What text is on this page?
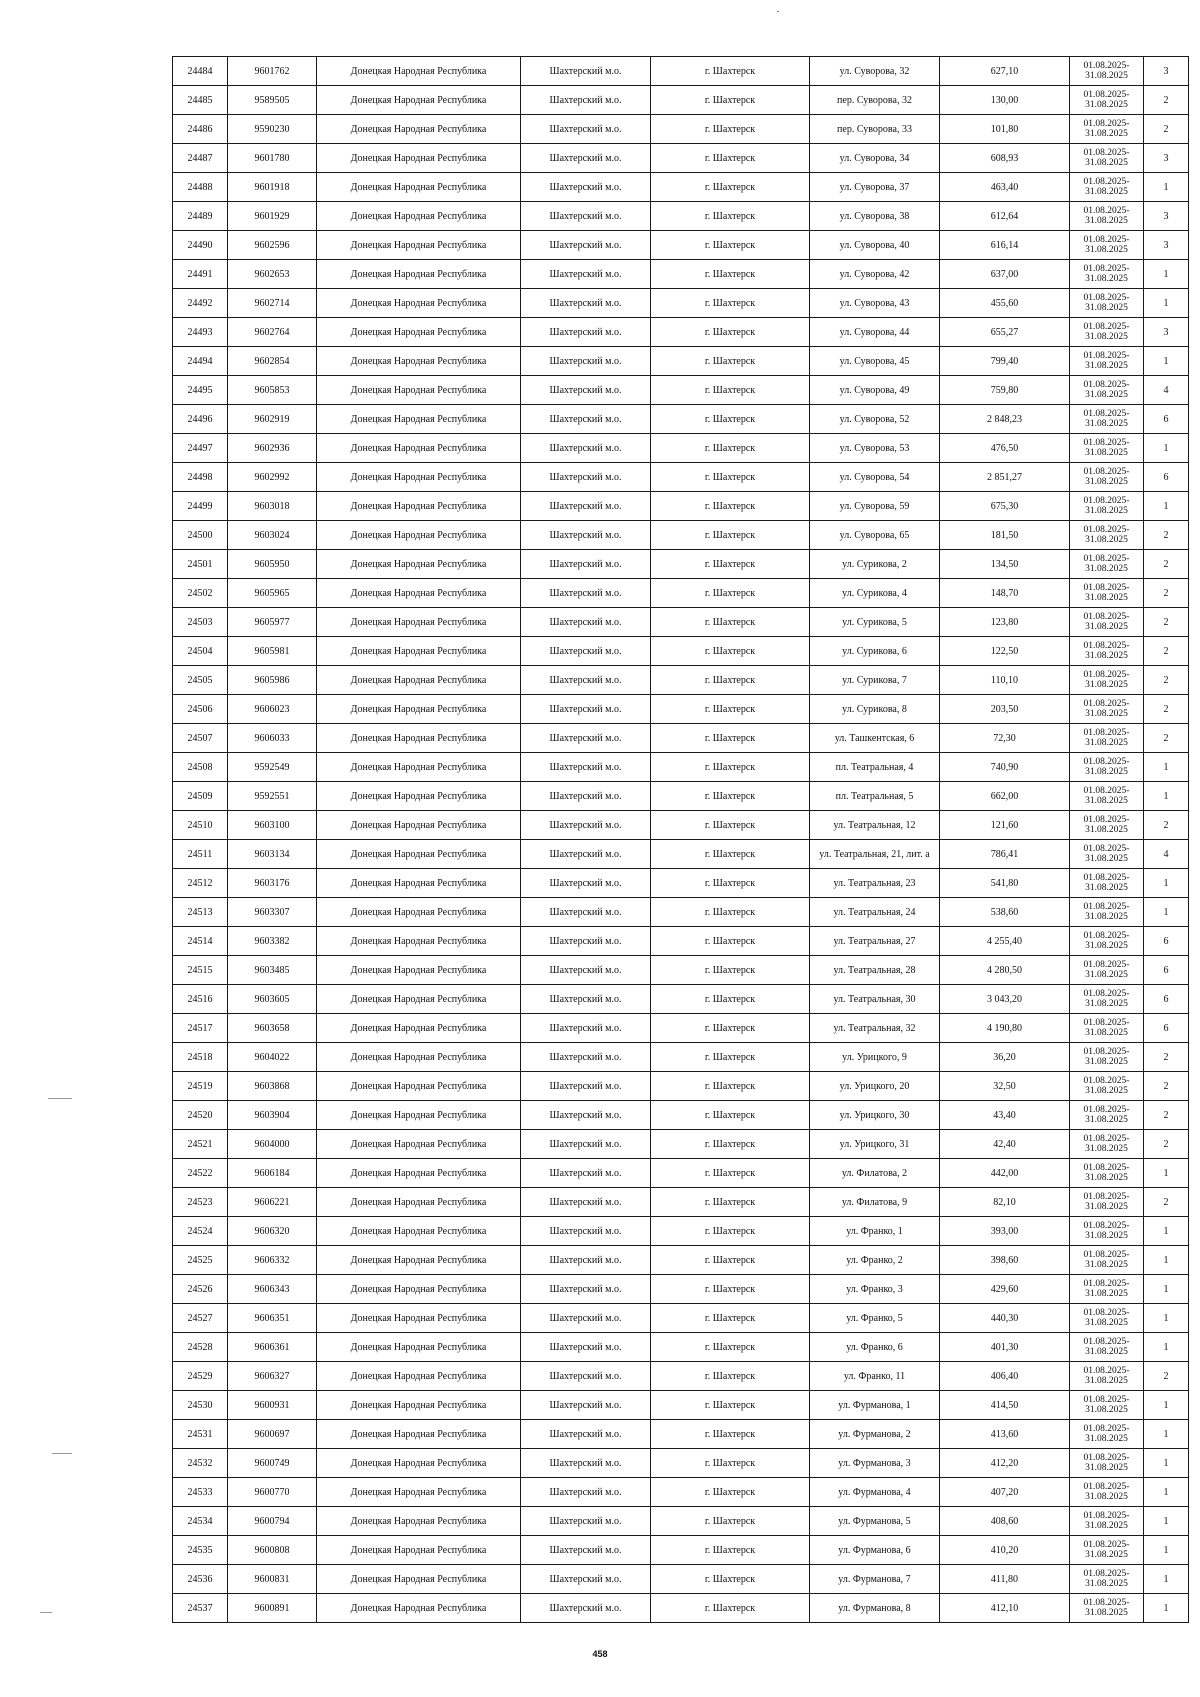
24484	9601762	Донецкая Народная Республика	Шахтерский м.о.	г. Шахтерск	ул. Суворова, 32	627,10	01.08.2025-31.08.2025	3
24485	9589505	Донецкая Народная Республика	Шахтерский м.о.	г. Шахтерск	пер. Суворова, 32	130,00	01.08.2025-31.08.2025	2
24486	9590230	Донецкая Народная Республика	Шахтерский м.о.	г. Шахтерск	пер. Суворова, 33	101,80	01.08.2025-31.08.2025	2
24487	9601780	Донецкая Народная Республика	Шахтерский м.о.	г. Шахтерск	ул. Суворова, 34	608,93	01.08.2025-31.08.2025	3
24488	9601918	Донецкая Народная Республика	Шахтерский м.о.	г. Шахтерск	ул. Суворова, 37	463,40	01.08.2025-31.08.2025	1
24489	9601929	Донецкая Народная Республика	Шахтерский м.о.	г. Шахтерск	ул. Суворова, 38	612,64	01.08.2025-31.08.2025	3
24490	9602596	Донецкая Народная Республика	Шахтерский м.о.	г. Шахтерск	ул. Суворова, 40	616,14	01.08.2025-31.08.2025	3
24491	9602653	Донецкая Народная Республика	Шахтерский м.о.	г. Шахтерск	ул. Суворова, 42	637,00	01.08.2025-31.08.2025	1
24492	9602714	Донецкая Народная Республика	Шахтерский м.о.	г. Шахтерск	ул. Суворова, 43	455,60	01.08.2025-31.08.2025	1
24493	9602764	Донецкая Народная Республика	Шахтерский м.о.	г. Шахтерск	ул. Суворова, 44	655,27	01.08.2025-31.08.2025	3
24494	9602854	Донецкая Народная Республика	Шахтерский м.о.	г. Шахтерск	ул. Суворова, 45	799,40	01.08.2025-31.08.2025	1
24495	9605853	Донецкая Народная Республика	Шахтерский м.о.	г. Шахтерск	ул. Суворова, 49	759,80	01.08.2025-31.08.2025	4
24496	9602919	Донецкая Народная Республика	Шахтерский м.о.	г. Шахтерск	ул. Суворова, 52	2 848,23	01.08.2025-31.08.2025	6
24497	9602936	Донецкая Народная Республика	Шахтерский м.о.	г. Шахтерск	ул. Суворова, 53	476,50	01.08.2025-31.08.2025	1
24498	9602992	Донецкая Народная Республика	Шахтерский м.о.	г. Шахтерск	ул. Суворова, 54	2 851,27	01.08.2025-31.08.2025	6
24499	9603018	Донецкая Народная Республика	Шахтерский м.о.	г. Шахтерск	ул. Суворова, 59	675,30	01.08.2025-31.08.2025	1
24500	9603024	Донецкая Народная Республика	Шахтерский м.о.	г. Шахтерск	ул. Суворова, 65	181,50	01.08.2025-31.08.2025	2
24501	9605950	Донецкая Народная Республика	Шахтерский м.о.	г. Шахтерск	ул. Сурикова, 2	134,50	01.08.2025-31.08.2025	2
24502	9605965	Донецкая Народная Республика	Шахтерский м.о.	г. Шахтерск	ул. Сурикова, 4	148,70	01.08.2025-31.08.2025	2
24503	9605977	Донецкая Народная Республика	Шахтерский м.о.	г. Шахтерск	ул. Сурикова, 5	123,80	01.08.2025-31.08.2025	2
24504	9605981	Донецкая Народная Республика	Шахтерский м.о.	г. Шахтерск	ул. Сурикова, 6	122,50	01.08.2025-31.08.2025	2
24505	9605986	Донецкая Народная Республика	Шахтерский м.о.	г. Шахтерск	ул. Сурикова, 7	110,10	01.08.2025-31.08.2025	2
24506	9606023	Донецкая Народная Республика	Шахтерский м.о.	г. Шахтерск	ул. Сурикова, 8	203,50	01.08.2025-31.08.2025	2
24507	9606033	Донецкая Народная Республика	Шахтерский м.о.	г. Шахтерск	ул. Ташкентская, 6	72,30	01.08.2025-31.08.2025	2
24508	9592549	Донецкая Народная Республика	Шахтерский м.о.	г. Шахтерск	пл. Театральная, 4	740,90	01.08.2025-31.08.2025	1
24509	9592551	Донецкая Народная Республика	Шахтерский м.о.	г. Шахтерск	пл. Театральная, 5	662,00	01.08.2025-31.08.2025	1
24510	9603100	Донецкая Народная Республика	Шахтерский м.о.	г. Шахтерск	ул. Театральная, 12	121,60	01.08.2025-31.08.2025	2
24511	9603134	Донецкая Народная Республика	Шахтерский м.о.	г. Шахтерск	ул. Театральная, 21, лит. а	786,41	01.08.2025-31.08.2025	4
24512	9603176	Донецкая Народная Республика	Шахтерский м.о.	г. Шахтерск	ул. Театральная, 23	541,80	01.08.2025-31.08.2025	1
24513	9603307	Донецкая Народная Республика	Шахтерский м.о.	г. Шахтерск	ул. Театральная, 24	538,60	01.08.2025-31.08.2025	1
24514	9603382	Донецкая Народная Республика	Шахтерский м.о.	г. Шахтерск	ул. Театральная, 27	4 255,40	01.08.2025-31.08.2025	6
24515	9603485	Донецкая Народная Республика	Шахтерский м.о.	г. Шахтерск	ул. Театральная, 28	4 280,50	01.08.2025-31.08.2025	6
24516	9603605	Донецкая Народная Республика	Шахтерский м.о.	г. Шахтерск	ул. Театральная, 30	3 043,20	01.08.2025-31.08.2025	6
24517	9603658	Донецкая Народная Республика	Шахтерский м.о.	г. Шахтерск	ул. Театральная, 32	4 190,80	01.08.2025-31.08.2025	6
24518	9604022	Донецкая Народная Республика	Шахтерский м.о.	г. Шахтерск	ул. Урицкого, 9	36,20	01.08.2025-31.08.2025	2
24519	9603868	Донецкая Народная Республика	Шахтерский м.о.	г. Шахтерск	ул. Урицкого, 20	32,50	01.08.2025-31.08.2025	2
24520	9603904	Донецкая Народная Республика	Шахтерский м.о.	г. Шахтерск	ул. Урицкого, 30	43,40	01.08.2025-31.08.2025	2
24521	9604000	Донецкая Народная Республика	Шахтерский м.о.	г. Шахтерск	ул. Урицкого, 31	42,40	01.08.2025-31.08.2025	2
24522	9606184	Донецкая Народная Республика	Шахтерский м.о.	г. Шахтерск	ул. Филатова, 2	442,00	01.08.2025-31.08.2025	1
24523	9606221	Донецкая Народная Республика	Шахтерский м.о.	г. Шахтерск	ул. Филатова, 9	82,10	01.08.2025-31.08.2025	2
24524	9606320	Донецкая Народная Республика	Шахтерский м.о.	г. Шахтерск	ул. Франко, 1	393,00	01.08.2025-31.08.2025	1
24525	9606332	Донецкая Народная Республика	Шахтерский м.о.	г. Шахтерск	ул. Франко, 2	398,60	01.08.2025-31.08.2025	1
24526	9606343	Донецкая Народная Республика	Шахтерский м.о.	г. Шахтерск	ул. Франко, 3	429,60	01.08.2025-31.08.2025	1
24527	9606351	Донецкая Народная Республика	Шахтерский м.о.	г. Шахтерск	ул. Франко, 5	440,30	01.08.2025-31.08.2025	1
24528	9606361	Донецкая Народная Республика	Шахтерский м.о.	г. Шахтерск	ул. Франко, 6	401,30	01.08.2025-31.08.2025	1
24529	9606327	Донецкая Народная Республика	Шахтерский м.о.	г. Шахтерск	ул. Франко, 11	406,40	01.08.2025-31.08.2025	2
24530	9600931	Донецкая Народная Республика	Шахтерский м.о.	г. Шахтерск	ул. Фурманова, 1	414,50	01.08.2025-31.08.2025	1
24531	9600697	Донецкая Народная Республика	Шахтерский м.о.	г. Шахтерск	ул. Фурманова, 2	413,60	01.08.2025-31.08.2025	1
24532	9600749	Донецкая Народная Республика	Шахтерский м.о.	г. Шахтерск	ул. Фурманова, 3	412,20	01.08.2025-31.08.2025	1
24533	9600770	Донецкая Народная Республика	Шахтерский м.о.	г. Шахтерск	ул. Фурманова, 4	407,20	01.08.2025-31.08.2025	1
24534	9600794	Донецкая Народная Республика	Шахтерский м.о.	г. Шахтерск	ул. Фурманова, 5	408,60	01.08.2025-31.08.2025	1
24535	9600808	Донецкая Народная Республика	Шахтерский м.о.	г. Шахтерск	ул. Фурманова, 6	410,20	01.08.2025-31.08.2025	1
24536	9600831	Донецкая Народная Республика	Шахтерский м.о.	г. Шахтерск	ул. Фурманова, 7	411,80	01.08.2025-31.08.2025	1
24537	9600891	Донецкая Народная Республика	Шахтерский м.о.	г. Шахтерск	ул. Фурманова, 8	412,10	01.08.2025-31.08.2025	1
458
